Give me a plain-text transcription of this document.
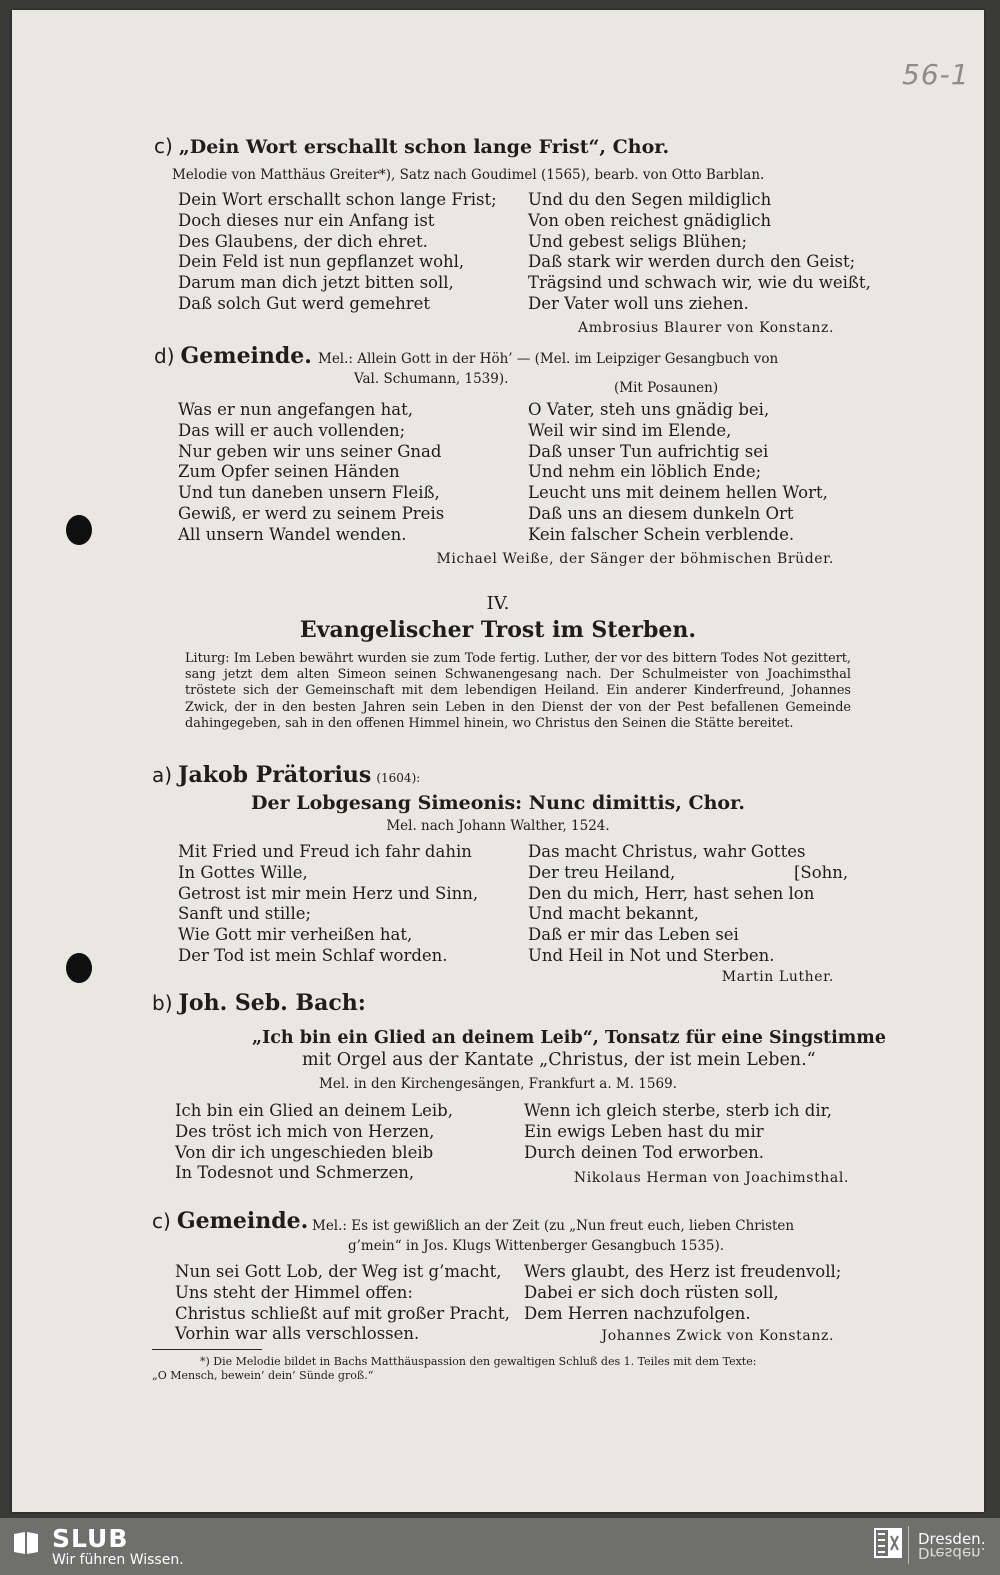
56-1
c) „Dein Wort erschallt schon lange Frist“, Chor.
Melodie von Matthäus Greiter*), Satz nach Goudimel (1565), bearb. von Otto Barblan.
Dein Wort erschallt schon lange Frist;
Doch dieses nur ein Anfang ist
Des Glaubens, der dich ehret.
Dein Feld ist nun gepflanzet wohl,
Darum man dich jetzt bitten soll,
Daß solch Gut werd gemehret
Und du den Segen mildiglich
Von oben reichest gnädiglich
Und gebest seligs Blühen;
Daß stark wir werden durch den Geist;
Trägsind und schwach wir, wie du weißt,
Der Vater woll uns ziehen.
Ambrosius Blaurer von Konstanz.
d) Gemeinde. Mel.: Allein Gott in der Höh’ — (Mel. im Leipziger Gesangbuch von
Val. Schumann, 1539).
(Mit Posaunen)
Was er nun angefangen hat,
Das will er auch vollenden;
Nur geben wir uns seiner Gnad
Zum Opfer seinen Händen
Und tun daneben unsern Fleiß,
Gewiß, er werd zu seinem Preis
All unsern Wandel wenden.
O Vater, steh uns gnädig bei,
Weil wir sind im Elende,
Daß unser Tun aufrichtig sei
Und nehm ein löblich Ende;
Leucht uns mit deinem hellen Wort,
Daß uns an diesem dunkeln Ort
Kein falscher Schein verblende.
Michael Weiße, der Sänger der böhmischen Brüder.
IV.
Evangelischer Trost im Sterben.
Liturg: Im Leben bewährt wurden sie zum Tode fertig. Luther, der vor des bittern Todes Not gezittert, sang jetzt dem alten Simeon seinen Schwanengesang nach. Der Schulmeister von Joachimsthal tröstete sich der Gemeinschaft mit dem lebendigen Heiland. Ein anderer Kinderfreund, Johannes Zwick, der in den besten Jahren sein Leben in den Dienst der von der Pest befallenen Gemeinde dahingegeben, sah in den offenen Himmel hinein, wo Christus den Seinen die Stätte bereitet.
a) Jakob Prätorius (1604):
Der Lobgesang Simeonis: Nunc dimittis, Chor.
Mel. nach Johann Walther, 1524.
Mit Fried und Freud ich fahr dahin
In Gottes Wille,
Getrost ist mir mein Herz und Sinn,
Sanft und stille;
Wie Gott mir verheißen hat,
Der Tod ist mein Schlaf worden.
Das macht Christus, wahr Gottes
Der treu Heiland,
Den du mich, Herr, hast sehen lon
Und macht bekannt,
Daß er mir das Leben sei
Und Heil in Not und Sterben.
[Sohn,
Martin Luther.
b) Joh. Seb. Bach:
„Ich bin ein Glied an deinem Leib“, Tonsatz für eine Singstimme
mit Orgel aus der Kantate „Christus, der ist mein Leben.“
Mel. in den Kirchengesängen, Frankfurt a. M. 1569.
Ich bin ein Glied an deinem Leib,
Des tröst ich mich von Herzen,
Von dir ich ungeschieden bleib
In Todesnot und Schmerzen,
Wenn ich gleich sterbe, sterb ich dir,
Ein ewigs Leben hast du mir
Durch deinen Tod erworben.
Nikolaus Herman von Joachimsthal.
c) Gemeinde. Mel.: Es ist gewißlich an der Zeit (zu „Nun freut euch, lieben Christen
g’mein“ in Jos. Klugs Wittenberger Gesangbuch 1535).
Nun sei Gott Lob, der Weg ist g’macht,
Uns steht der Himmel offen:
Christus schließt auf mit großer Pracht,
Vorhin war alls verschlossen.
Wers glaubt, des Herz ist freudenvoll;
Dabei er sich doch rüsten soll,
Dem Herren nachzufolgen.
Johannes Zwick von Konstanz.
*) Die Melodie bildet in Bachs Matthäuspassion den gewaltigen Schluß des 1. Teiles mit dem Texte:
„O Mensch, bewein’ dein’ Sünde groß.“
SLUB
Wir führen Wissen.
Dresden.
Dresden.
